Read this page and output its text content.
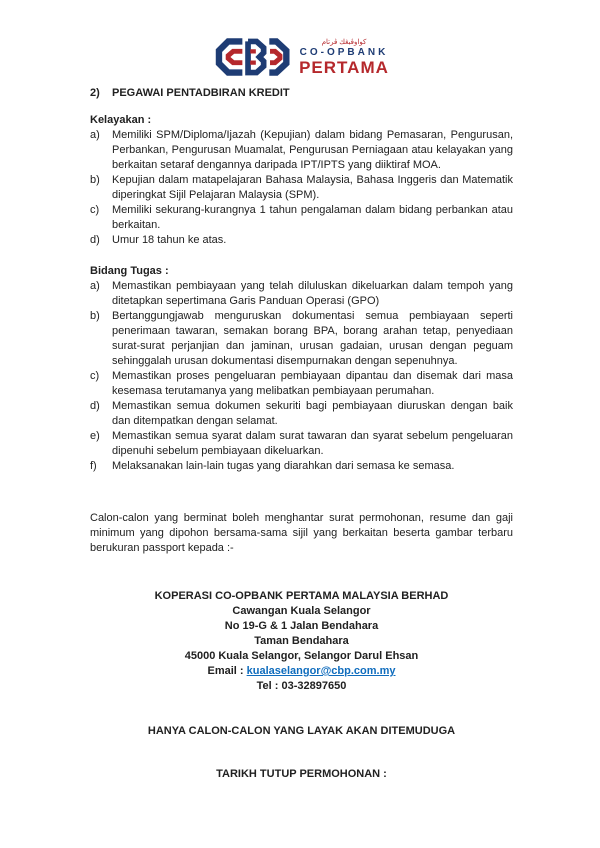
كواوڤبڠك ڤرتام
CO-OPBANK
PERTAMA
2)	PEGAWAI PENTADBIRAN KREDIT
Kelayakan :
a)	Memiliki SPM/Diploma/Ijazah (Kepujian) dalam bidang Pemasaran, Pengurusan, Perbankan, Pengurusan Muamalat, Pengurusan Perniagaan atau kelayakan yang berkaitan setaraf dengannya daripada IPT/IPTS yang diiktiraf MOA.
b)	Kepujian dalam matapelajaran Bahasa Malaysia, Bahasa Inggeris dan Matematik diperingkat Sijil Pelajaran Malaysia (SPM).
c)	Memiliki sekurang-kurangnya 1 tahun pengalaman dalam bidang perbankan atau berkaitan.
d)	Umur 18 tahun ke atas.
Bidang Tugas :
a)	Memastikan pembiayaan yang telah diluluskan dikeluarkan dalam tempoh yang ditetapkan sepertimana Garis Panduan Operasi (GPO)
b)	Bertanggungjawab menguruskan dokumentasi semua pembiayaan seperti penerimaan tawaran, semakan borang BPA, borang arahan tetap, penyediaan surat-surat perjanjian dan jaminan, urusan gadaian, urusan dengan peguam sehinggalah urusan dokumentasi disempurnakan dengan sepenuhnya.
c)	Memastikan proses pengeluaran pembiayaan dipantau dan disemak dari masa kesemasa terutamanya yang melibatkan pembiayaan perumahan.
d)	Memastikan semua dokumen sekuriti bagi pembiayaan diuruskan dengan baik dan ditempatkan dengan selamat.
e)	Memastikan semua syarat dalam surat tawaran dan syarat sebelum pengeluaran dipenuhi sebelum pembiayaan dikeluarkan.
f)	Melaksanakan lain-lain tugas yang diarahkan dari semasa ke semasa.
Calon-calon yang berminat boleh menghantar surat permohonan, resume dan gaji minimum yang dipohon bersama-sama sijil yang berkaitan beserta gambar terbaru berukuran passport kepada :-
KOPERASI CO-OPBANK PERTAMA MALAYSIA BERHAD
Cawangan Kuala Selangor
No 19-G & 1 Jalan Bendahara
Taman Bendahara
45000 Kuala Selangor, Selangor Darul Ehsan
Email : kualaselangor@cbp.com.my
Tel : 03-32897650
HANYA CALON-CALON YANG LAYAK AKAN DITEMUDUGA
TARIKH TUTUP PERMOHONAN :
